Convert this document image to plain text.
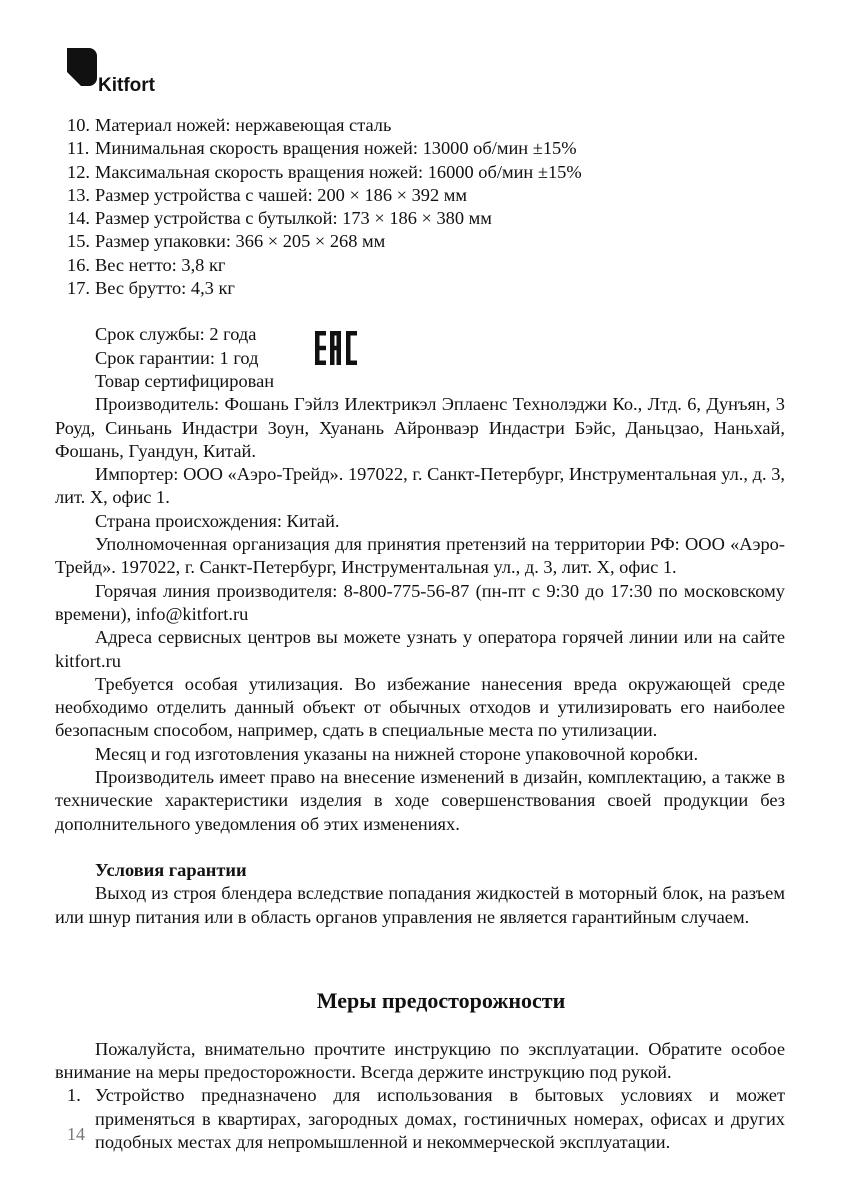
Kitfort

10. Материал ножей: нержавеющая сталь

11. Минимальная скорость вращения ножей: 13000 об/мин ±15%

12. Максимальная скорость вращения ножей: 16000 об/мин ±15%

13. Размер устройства с чашей: 200 × 186 × 392 мм

14. Размер устройства с бутылкой: 173 × 186 × 380 мм

15. Размер упаковки: 366 × 205 × 268 мм

16. Вес нетто: 3,8 кг

17. Вес брутто: 4,3 кг

Срок службы: 2 года

Срок гарантии: 1 год

Товар сертифицирован

Производитель: Фошань Гэйлз Илектрикэл Эплаенс Технолэджи Ко., Лтд. 6, Дунъян, 3 Роуд, Синьань Индастри Зоун, Хуанань Айронваэр Индастри Бэйс, Даньцзао, Наньхай, Фошань, Гуандун, Китай.

Импортер: ООО «Аэро-Трейд». 197022, г. Санкт-Петербург, Инструментальная ул., д. 3, лит. Х, офис 1.

Страна происхождения: Китай.

Уполномоченная организация для принятия претензий на территории РФ: ООО «Аэро-Трейд». 197022, г. Санкт-Петербург, Инструментальная ул., д. 3, лит. Х, офис 1.

Горячая линия производителя: 8-800-775-56-87 (пн-пт с 9:30 до 17:30 по московскому времени), info@kitfort.ru

Адреса сервисных центров вы можете узнать у оператора горячей линии или на сайте kitfort.ru

Требуется особая утилизация. Во избежание нанесения вреда окружающей среде необходимо отделить данный объект от обычных отходов и утилизировать его наиболее безопасным способом, например, сдать в специальные места по утилизации.

Месяц и год изготовления указаны на нижней стороне упаковочной коробки.

Производитель имеет право на внесение изменений в дизайн, комплектацию, а также в технические характеристики изделия в ходе совершенствования своей продукции без дополнительного уведомления об этих изменениях.

Условия гарантии

Выход из строя блендера вследствие попадания жидкостей в моторный блок, на разъем или шнур питания или в область органов управления не является гарантийным случаем.

Меры предосторожности

Пожалуйста, внимательно прочтите инструкцию по эксплуатации. Обратите особое внимание на меры предосторожности. Всегда держите инструкцию под рукой.

1. Устройство предназначено для использования в бытовых условиях и может применяться в квартирах, загородных домах, гостиничных номерах, офисах и других подобных местах для непромышленной и некоммерческой эксплуатации.
14
